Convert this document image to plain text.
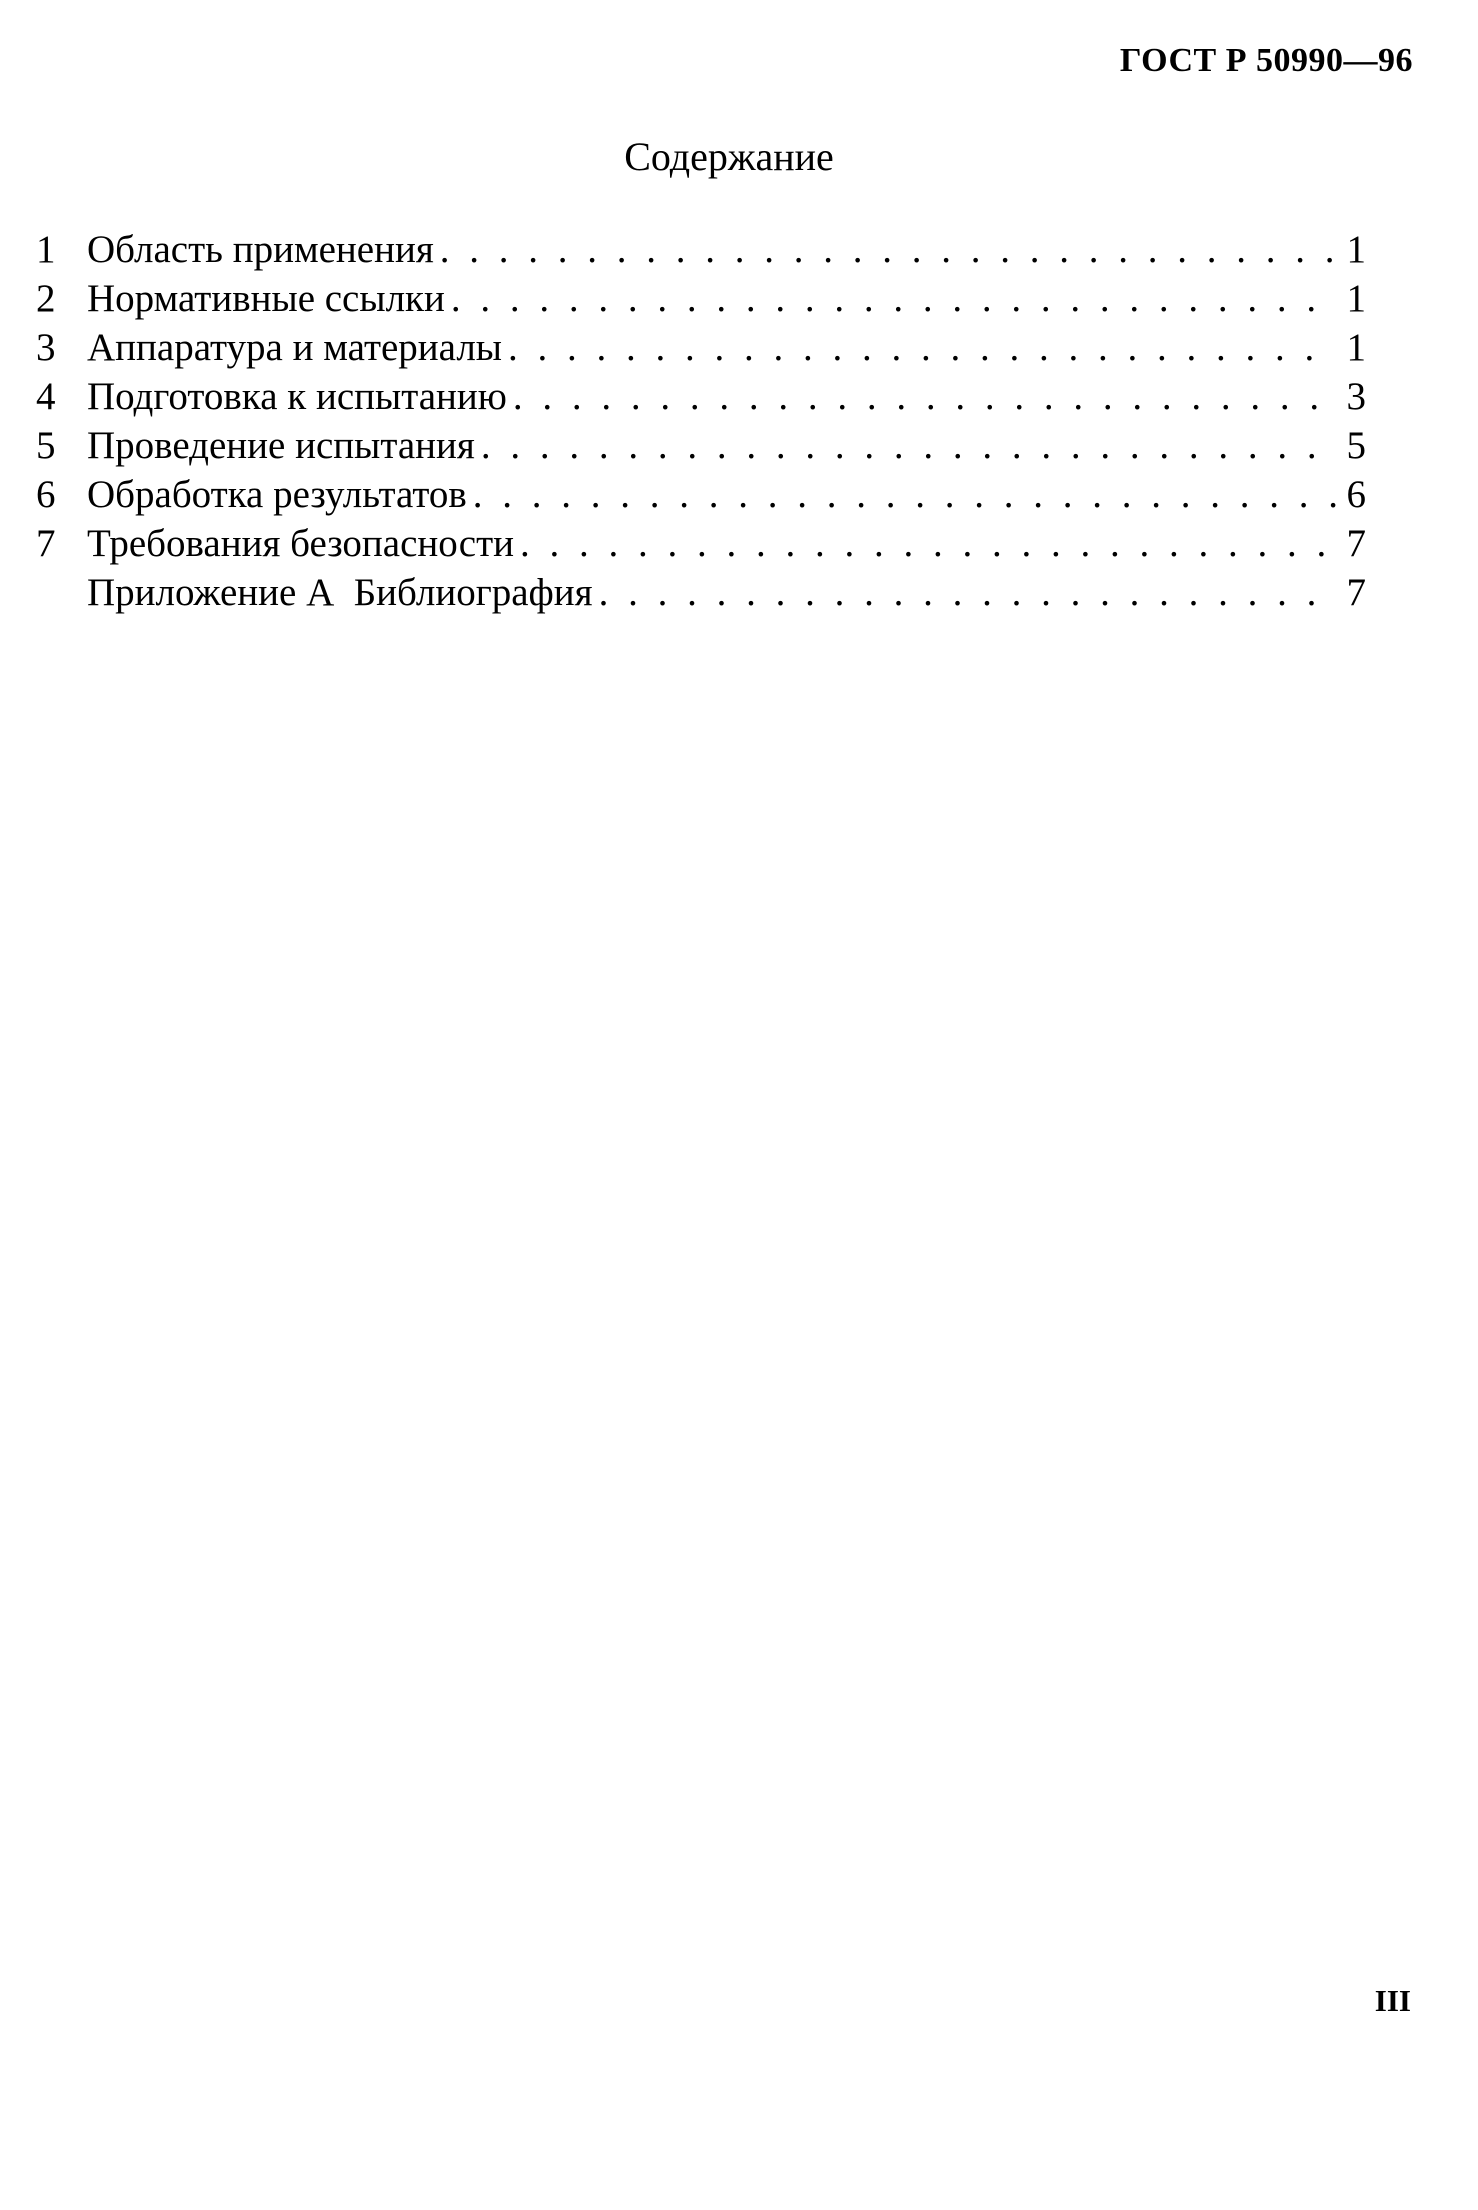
ГОСТ Р 50990—96
Содержание
1 Область применения . . .	1
2 Нормативные ссылки . . .	1
3 Аппаратура и материалы . . .	1
4 Подготовка к испытанию . . .	3
5 Проведение испытания . . .	5
6 Обработка результатов . . .	6
7 Требования безопасности . . .	7
Приложение А  Библиография . . .	7
III
